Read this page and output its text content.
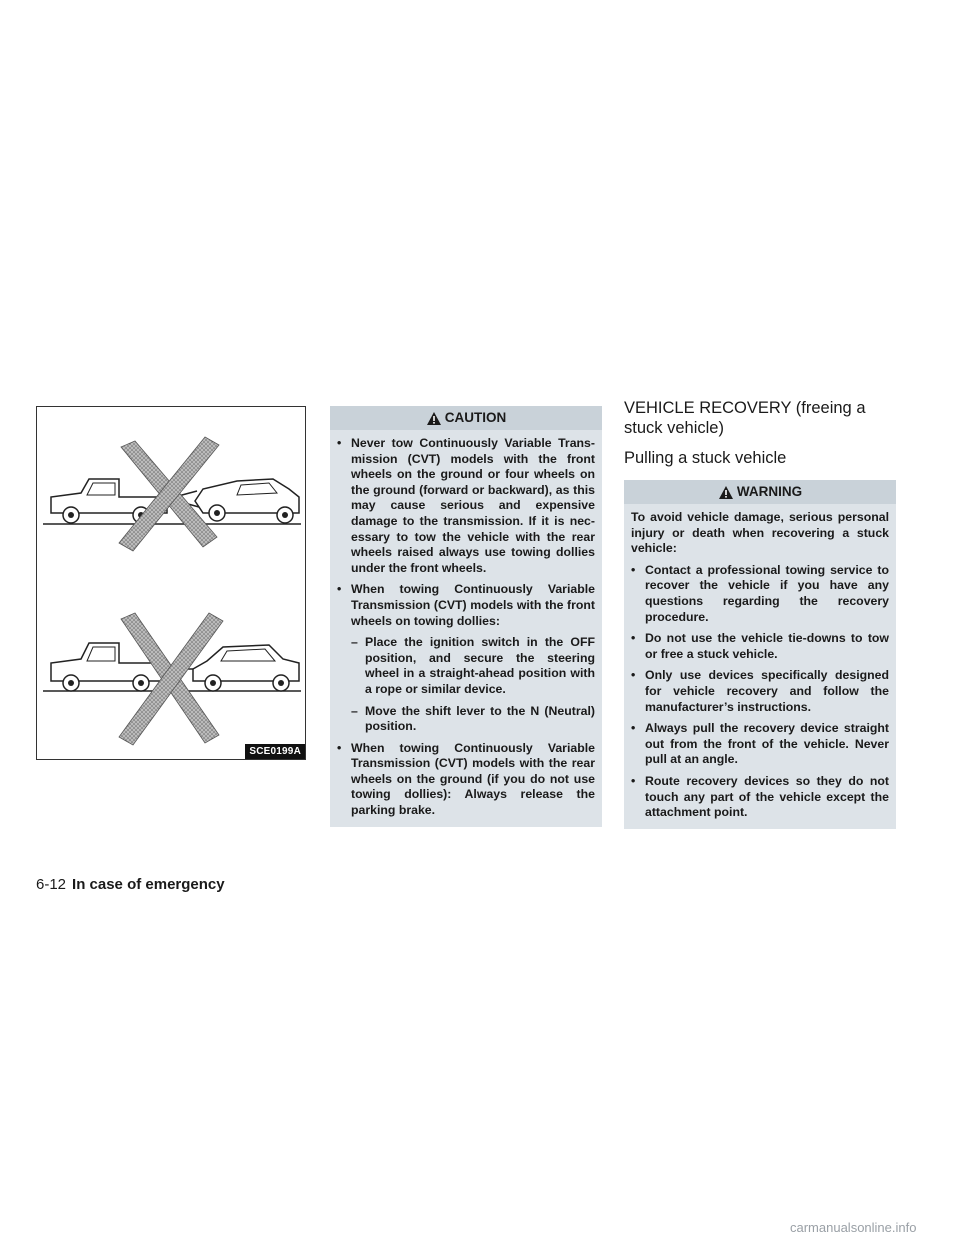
SCE0199A
CAUTION
• Never tow Continuously Variable Trans-mission (CVT) models with the front wheels on the ground or four wheels on the ground (forward or backward), as this may cause serious and expensive damage to the transmission. If it is nec-essary to tow the vehicle with the rear wheels raised always use towing dollies under the front wheels.
• When towing Continuously Variable Transmission (CVT) models with the front wheels on towing dollies:
– Place the ignition switch in the OFF position, and secure the steering wheel in a straight-ahead position with a rope or similar device.
– Move the shift lever to the N (Neutral) position.
• When towing Continuously Variable Transmission (CVT) models with the rear wheels on the ground (if you do not use towing dollies): Always release the parking brake.
VEHICLE RECOVERY (freeing a stuck vehicle)
Pulling a stuck vehicle
WARNING
To avoid vehicle damage, serious personal injury or death when recovering a stuck vehicle:
• Contact a professional towing service to recover the vehicle if you have any questions regarding the recovery procedure.
• Do not use the vehicle tie-downs to tow or free a stuck vehicle.
• Only use devices specifically designed for vehicle recovery and follow the manufacturer’s instructions.
• Always pull the recovery device straight out from the front of the vehicle. Never pull at an angle.
• Route recovery devices so they do not touch any part of the vehicle except the attachment point.
6-12 In case of emergency
carmanualsonline.info
